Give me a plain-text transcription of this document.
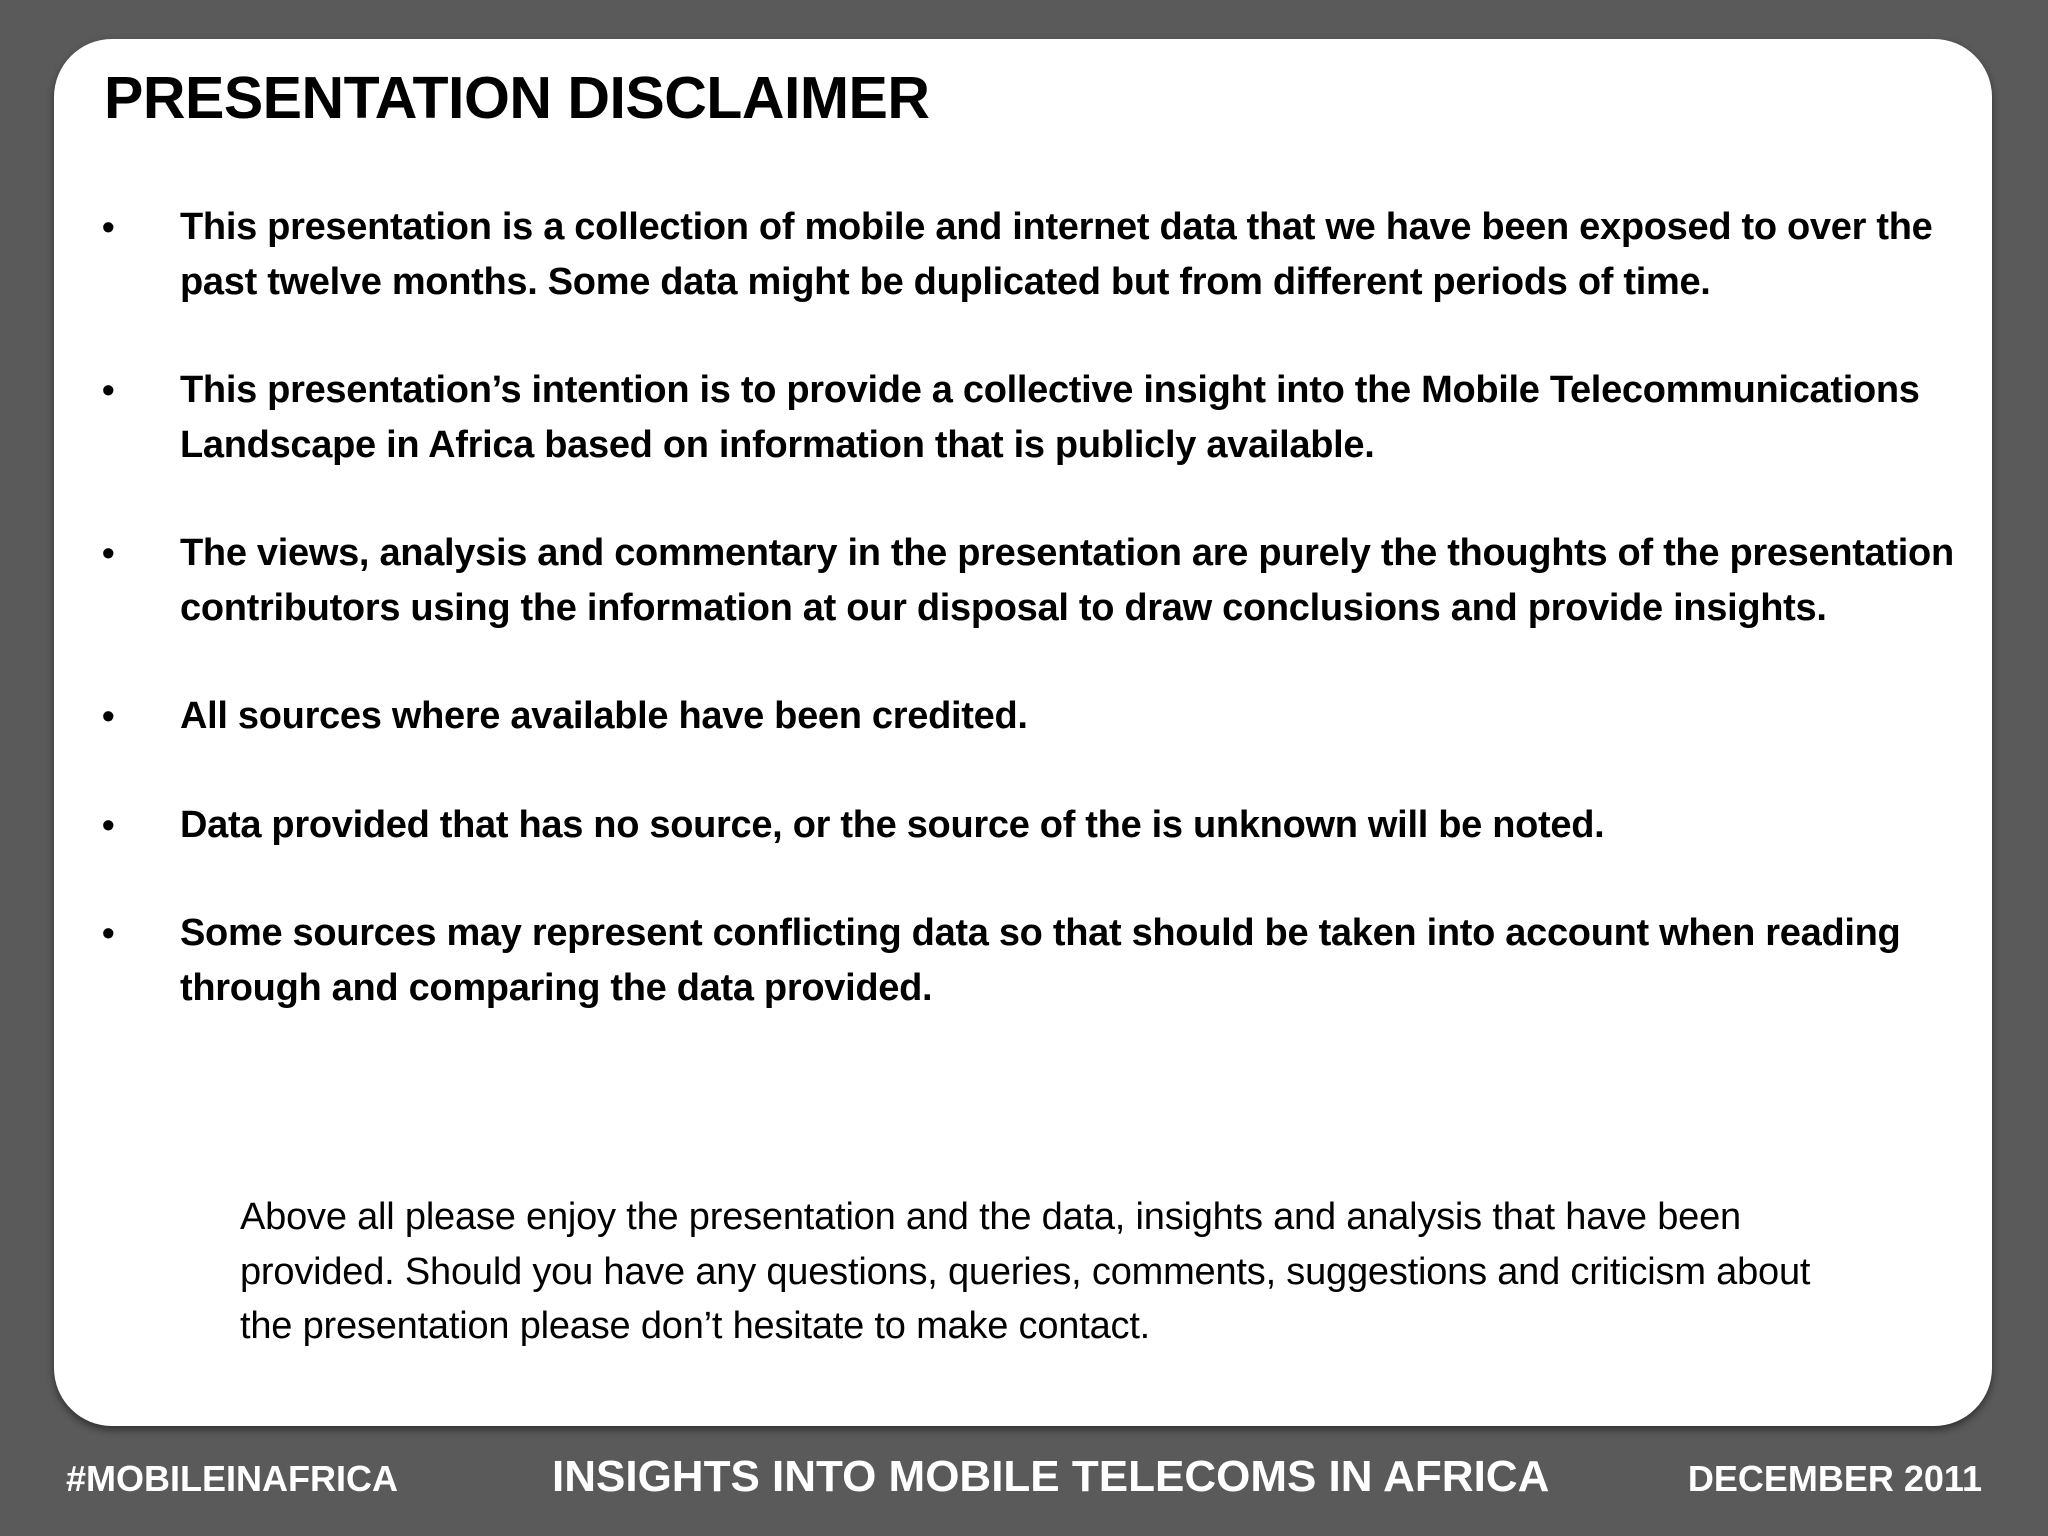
PRESENTATION DISCLAIMER
•	This presentation is a collection of mobile and internet data that we have been exposed to over the past twelve months. Some data might be duplicated but from different periods of time.
•	This presentation’s intention is to provide a collective insight into the Mobile Telecommunications Landscape in Africa based on information that is publicly available.
•	The views, analysis and commentary in the presentation are purely the thoughts of the presentation contributors using the information at our disposal to draw conclusions and provide insights.
•	All sources where available have been credited.
•	Data provided that has no source, or the source of the is unknown will be noted.
•	Some sources may represent conflicting data so that should be taken into account when reading through and comparing the data provided.

Above all please enjoy the presentation and the data, insights and analysis that have been provided. Should you have any questions, queries, comments, suggestions and criticism about the presentation please don’t hesitate to make contact.

#MOBILEINAFRICA	INSIGHTS INTO MOBILE TELECOMS IN AFRICA	DECEMBER 2011
